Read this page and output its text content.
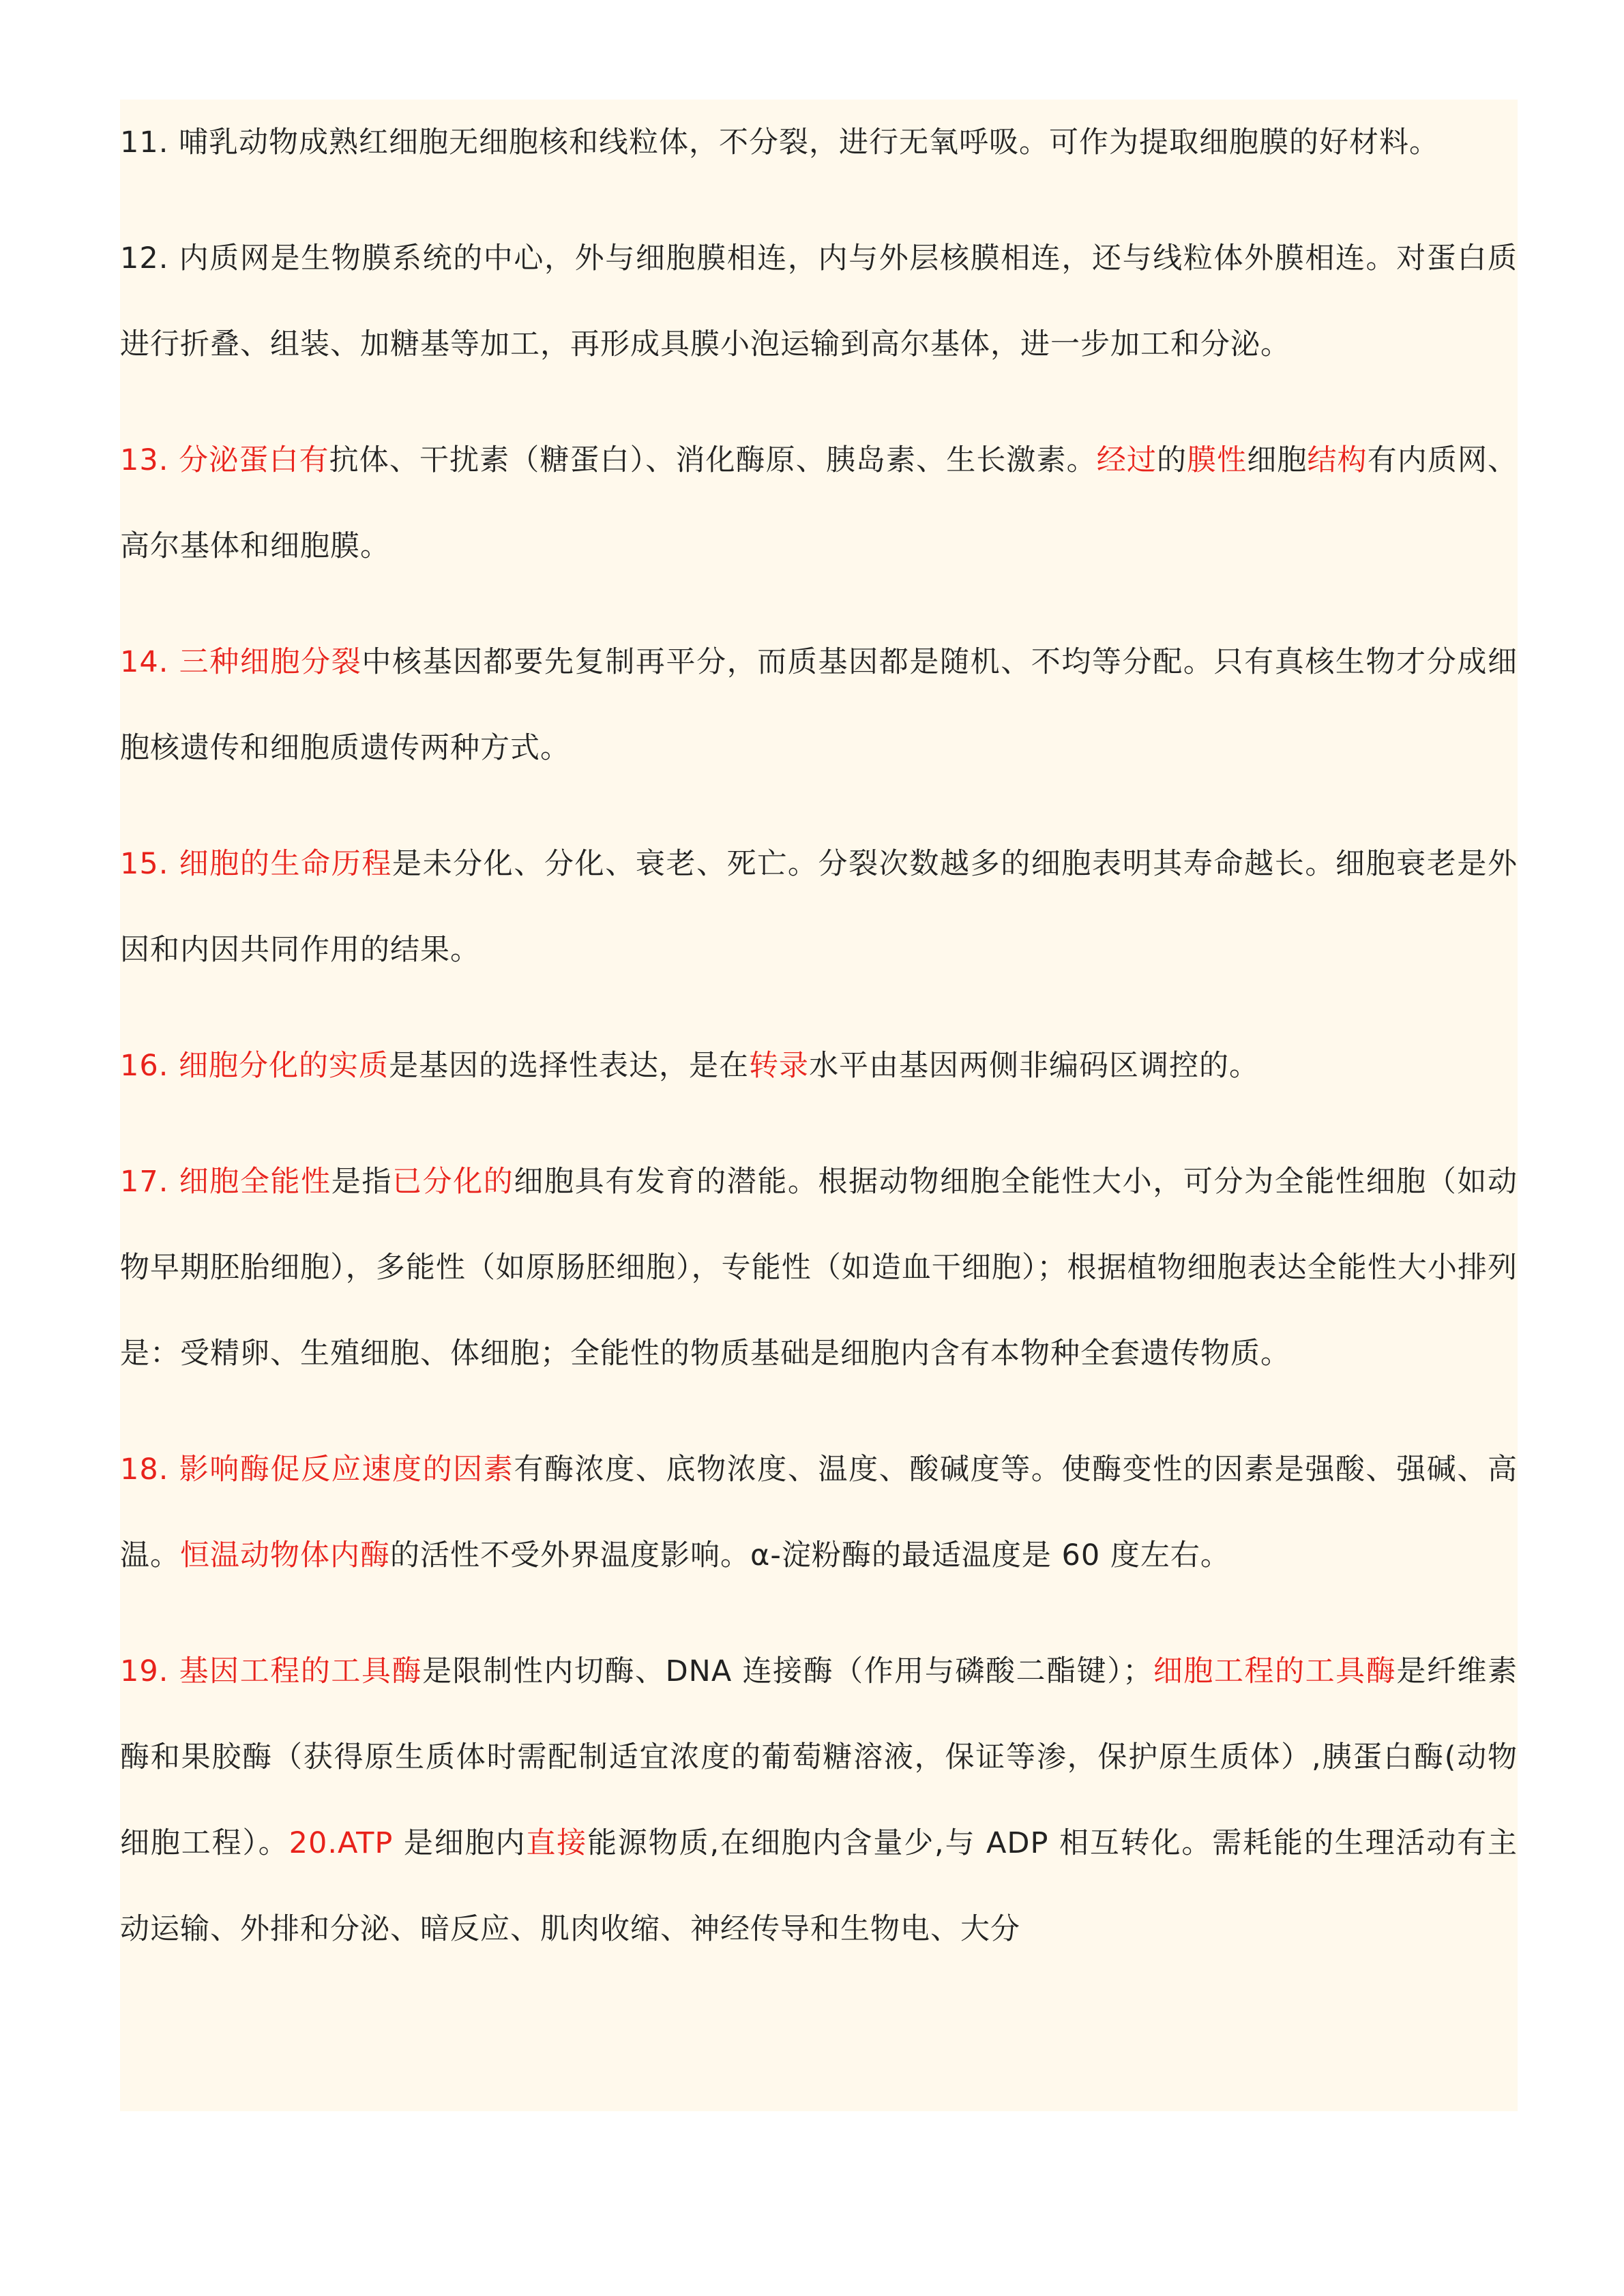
11. 哺乳动物成熟红细胞无细胞核和线粒体，不分裂，进行无氧呼吸。可作为提取细胞膜的好材料。

12. 内质网是生物膜系统的中心，外与细胞膜相连，内与外层核膜相连，还与线粒体外膜相连。对蛋白质进行折叠、组装、加糖基等加工，再形成具膜小泡运输到高尔基体，进一步加工和分泌。

13. 分泌蛋白有抗体、干扰素（糖蛋白）、消化酶原、胰岛素、生长激素。经过的膜性细胞结构有内质网、高尔基体和细胞膜。

14. 三种细胞分裂中核基因都要先复制再平分，而质基因都是随机、不均等分配。只有真核生物才分成细胞核遗传和细胞质遗传两种方式。

15. 细胞的生命历程是未分化、分化、衰老、死亡。分裂次数越多的细胞表明其寿命越长。细胞衰老是外因和内因共同作用的结果。

16. 细胞分化的实质是基因的选择性表达，是在转录水平由基因两侧非编码区调控的。

17. 细胞全能性是指已分化的细胞具有发育的潜能。根据动物细胞全能性大小，可分为全能性细胞（如动物早期胚胎细胞），多能性（如原肠胚细胞），专能性（如造血干细胞）；根据植物细胞表达全能性大小排列是：受精卵、生殖细胞、体细胞；全能性的物质基础是细胞内含有本物种全套遗传物质。

18. 影响酶促反应速度的因素有酶浓度、底物浓度、温度、酸碱度等。使酶变性的因素是强酸、强碱、高温。恒温动物体内酶的活性不受外界温度影响。α-淀粉酶的最适温度是 60 度左右。

19. 基因工程的工具酶是限制性内切酶、DNA 连接酶（作用与磷酸二酯键）；细胞工程的工具酶是纤维素酶和果胶酶（获得原生质体时需配制适宜浓度的葡萄糖溶液，保证等渗，保护原生质体）,胰蛋白酶(动物细胞工程）。20.ATP 是细胞内直接能源物质,在细胞内含量少,与 ADP 相互转化。需耗能的生理活动有主动运输、外排和分泌、暗反应、肌肉收缩、神经传导和生物电、大分
